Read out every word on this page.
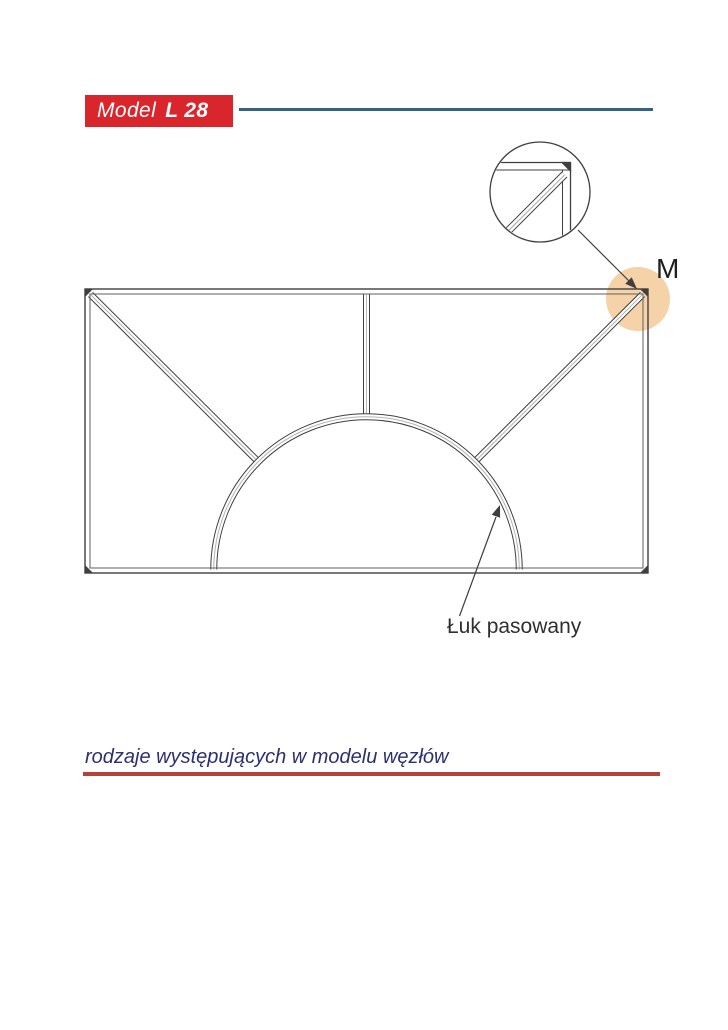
Model L 28
M
Łuk pasowany
rodzaje występujących w modelu węzłów
